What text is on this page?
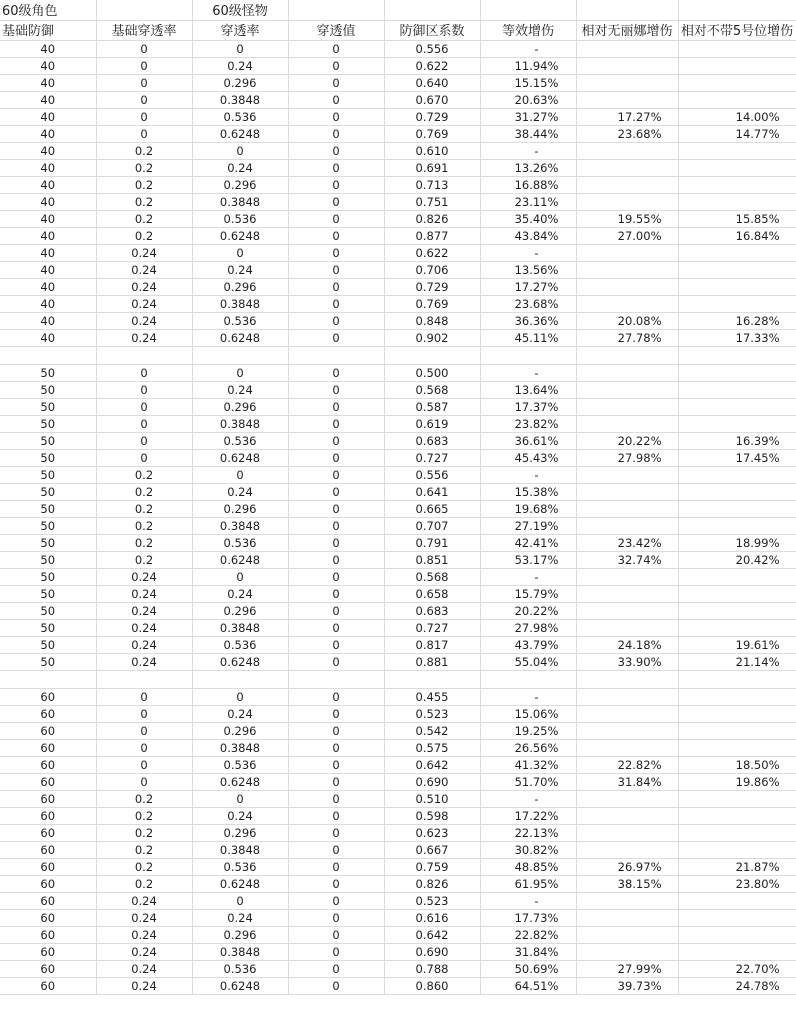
60级角色		60级怪物					
基础防御	基础穿透率	穿透率	穿透值	防御区系数	等效增伤	相对无丽娜增伤	相对不带5号位增伤
40	0	0	0	0.556	-		
40	0	0.24	0	0.622	11.94%		
40	0	0.296	0	0.640	15.15%		
40	0	0.3848	0	0.670	20.63%		
40	0	0.536	0	0.729	31.27%	17.27%	14.00%
40	0	0.6248	0	0.769	38.44%	23.68%	14.77%
40	0.2	0	0	0.610	-		
40	0.2	0.24	0	0.691	13.26%		
40	0.2	0.296	0	0.713	16.88%		
40	0.2	0.3848	0	0.751	23.11%		
40	0.2	0.536	0	0.826	35.40%	19.55%	15.85%
40	0.2	0.6248	0	0.877	43.84%	27.00%	16.84%
40	0.24	0	0	0.622	-		
40	0.24	0.24	0	0.706	13.56%		
40	0.24	0.296	0	0.729	17.27%		
40	0.24	0.3848	0	0.769	23.68%		
40	0.24	0.536	0	0.848	36.36%	20.08%	16.28%
40	0.24	0.6248	0	0.902	45.11%	27.78%	17.33%

50	0	0	0	0.500	-		
50	0	0.24	0	0.568	13.64%		
50	0	0.296	0	0.587	17.37%		
50	0	0.3848	0	0.619	23.82%		
50	0	0.536	0	0.683	36.61%	20.22%	16.39%
50	0	0.6248	0	0.727	45.43%	27.98%	17.45%
50	0.2	0	0	0.556	-		
50	0.2	0.24	0	0.641	15.38%		
50	0.2	0.296	0	0.665	19.68%		
50	0.2	0.3848	0	0.707	27.19%		
50	0.2	0.536	0	0.791	42.41%	23.42%	18.99%
50	0.2	0.6248	0	0.851	53.17%	32.74%	20.42%
50	0.24	0	0	0.568	-		
50	0.24	0.24	0	0.658	15.79%		
50	0.24	0.296	0	0.683	20.22%		
50	0.24	0.3848	0	0.727	27.98%		
50	0.24	0.536	0	0.817	43.79%	24.18%	19.61%
50	0.24	0.6248	0	0.881	55.04%	33.90%	21.14%

60	0	0	0	0.455	-		
60	0	0.24	0	0.523	15.06%		
60	0	0.296	0	0.542	19.25%		
60	0	0.3848	0	0.575	26.56%		
60	0	0.536	0	0.642	41.32%	22.82%	18.50%
60	0	0.6248	0	0.690	51.70%	31.84%	19.86%
60	0.2	0	0	0.510	-		
60	0.2	0.24	0	0.598	17.22%		
60	0.2	0.296	0	0.623	22.13%		
60	0.2	0.3848	0	0.667	30.82%		
60	0.2	0.536	0	0.759	48.85%	26.97%	21.87%
60	0.2	0.6248	0	0.826	61.95%	38.15%	23.80%
60	0.24	0	0	0.523	-		
60	0.24	0.24	0	0.616	17.73%		
60	0.24	0.296	0	0.642	22.82%		
60	0.24	0.3848	0	0.690	31.84%		
60	0.24	0.536	0	0.788	50.69%	27.99%	22.70%
60	0.24	0.6248	0	0.860	64.51%	39.73%	24.78%
